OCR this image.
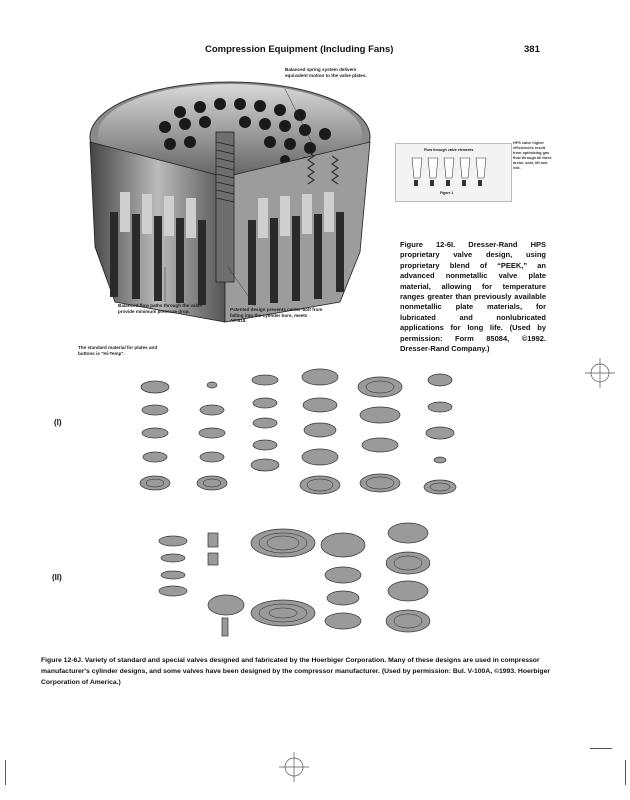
Compression Equipment (Including Fans)	381
Balanced spring system delivers equivalent motion to the valve plates.
Balanced flow paths through the valve provide minimum pressure drop.	Patented design prevents center-bolt from falling into the cylinder bore, meets API618.
The standard material for plates and buttons is "Hi-Temp".
Flow through valve elements
Figure 1
HPS valve higher efficiencies result from optimizing gas flow through all three areas: seat, lift and exit.
Figure 12-6I. Dresser-Rand HPS proprietary valve design, using proprietary blend of “PEEK,” an advanced nonmetallic valve plate material, allowing for temperature ranges greater than previously available nonmetallic plate materials, for lubricated and nonlubricated applications for long life. (Used by permission: Form 85084, ©1992. Dresser-Rand Company.)
(I)
(II)
Figure 12-6J. Variety of standard and special valves designed and fabricated by the Hoerbiger Corporation. Many of these designs are used in compressor manufacturer's cylinder designs, and some valves have been designed by the compressor manufacturer. (Used by permission: Bul. V-100A, ©1993. Hoerbiger Corporation of America.)
